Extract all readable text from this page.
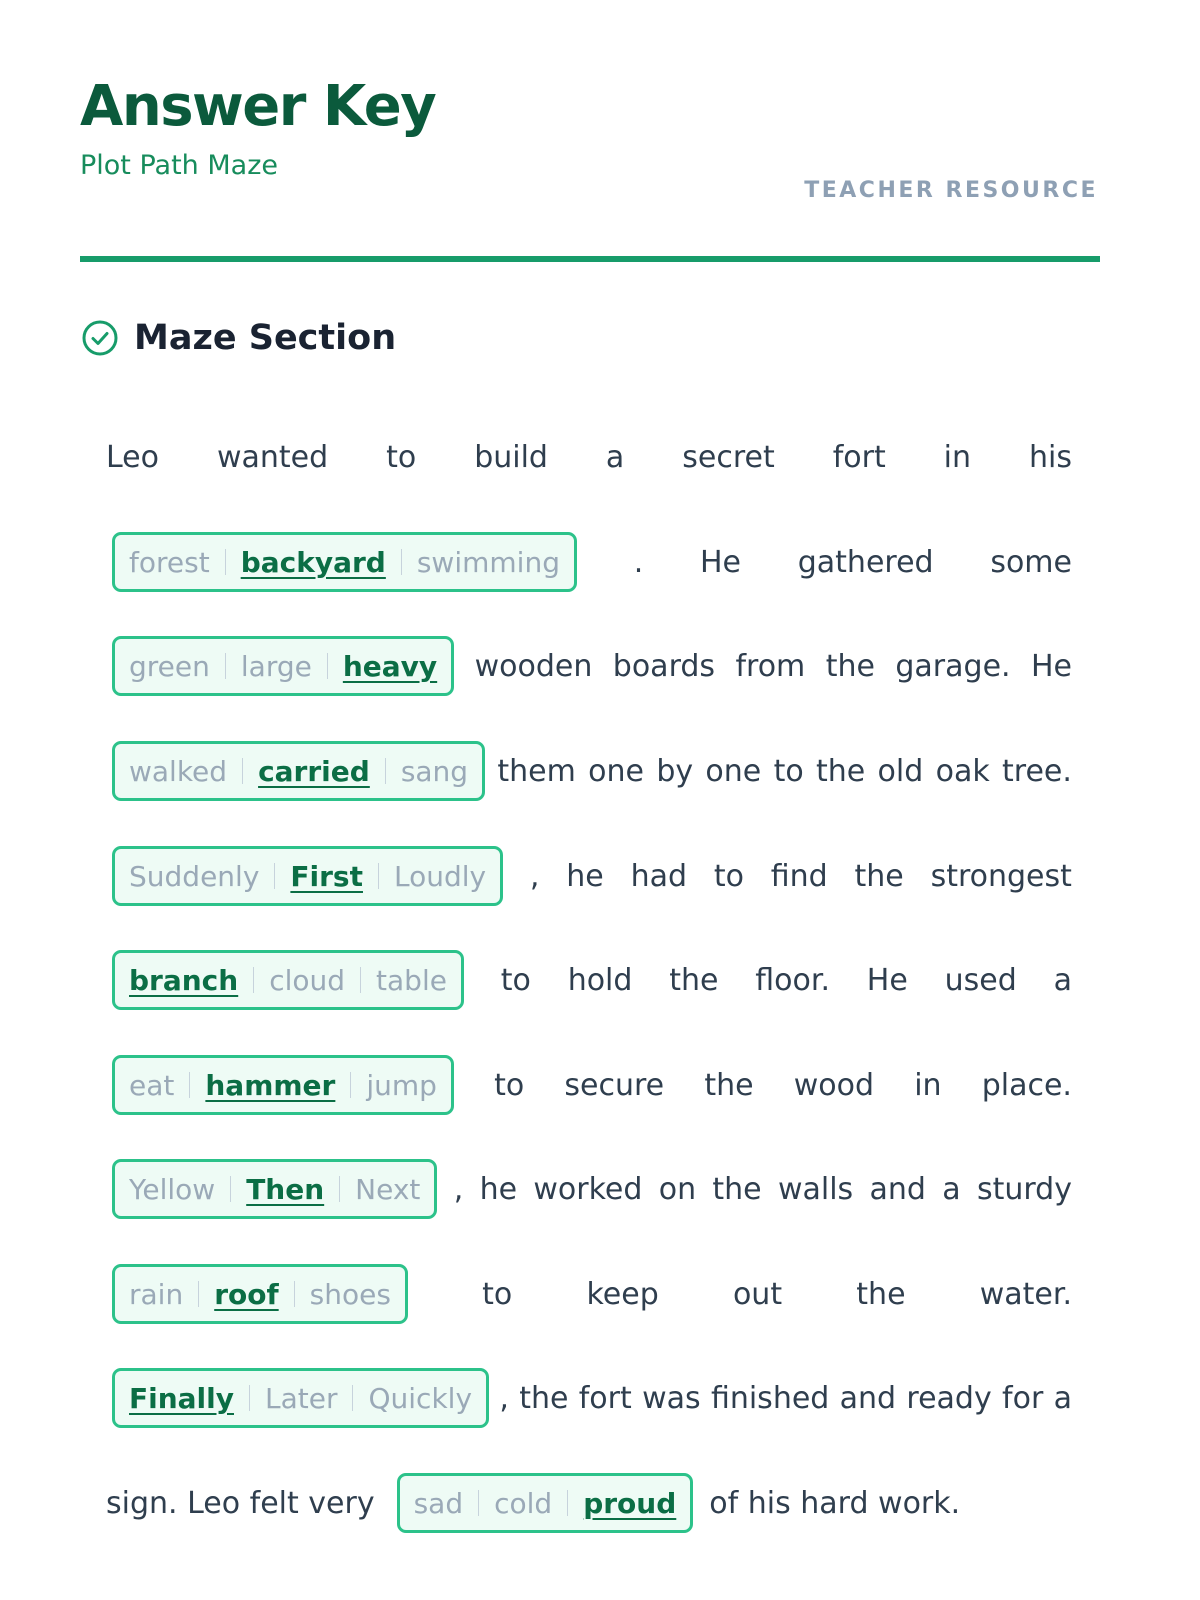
Answer Key
Plot Path Maze
TEACHER RESOURCE
Maze Section
Leo wanted to build a secret fort in his
forest backyard swimming . He gathered some
green large heavy wooden boards from the garage. He
walked carried sang them one by one to the old oak tree.
Suddenly First Loudly , he had to find the strongest
branch cloud table to hold the floor. He used a
eat hammer jump to secure the wood in place.
Yellow Then Next , he worked on the walls and a sturdy
rain roof shoes	to keep out the water.
Finally Later Quickly , the fort was finished and ready for a
sign. Leo felt very sad cold proud of his hard work.
